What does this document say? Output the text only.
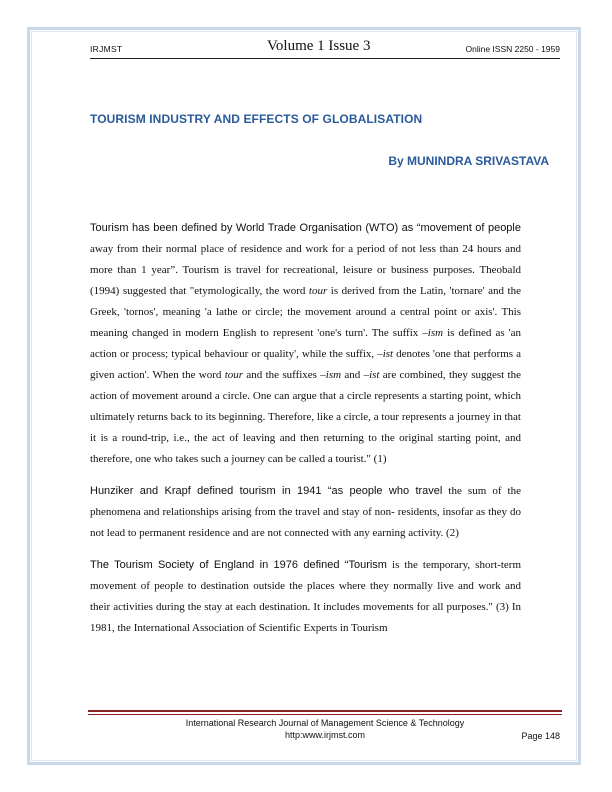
IRJMST	Volume 1 Issue 3	Online ISSN 2250 - 1959
TOURISM INDUSTRY AND EFFECTS OF GLOBALISATION
By MUNINDRA SRIVASTAVA

Tourism has been defined by World Trade Organisation (WTO) as “movement of people away from their normal place of residence and work for a period of not less than 24 hours and more than 1 year”. Tourism is travel for recreational, leisure or business purposes. Theobald (1994) suggested that "etymologically, the word tour is derived from the Latin, 'tornare' and the Greek, 'tornos', meaning 'a lathe or circle; the movement around a central point or axis'. This meaning changed in modern English to represent 'one's turn'. The suffix –ism is defined as 'an action or process; typical behaviour or quality', while the suffix, –ist denotes 'one that performs a given action'. When the word tour and the suffixes –ism and –ist are combined, they suggest the action of movement around a circle. One can argue that a circle represents a starting point, which ultimately returns back to its beginning. Therefore, like a circle, a tour represents a journey in that it is a round-trip, i.e., the act of leaving and then returning to the original starting point, and therefore, one who takes such a journey can be called a tourist." (1)

Hunziker and Krapf defined tourism in 1941 “as people who travel the sum of the phenomena and relationships arising from the travel and stay of non- residents, insofar as they do not lead to permanent residence and are not connected with any earning activity. (2)

The Tourism Society of England in 1976 defined “Tourism is the temporary, short-term movement of people to destination outside the places where they normally live and work and their activities during the stay at each destination. It includes movements for all purposes." (3) In 1981, the International Association of Scientific Experts in Tourism

International Research Journal of Management Science & Technology
http:www.irjmst.com	Page 148
